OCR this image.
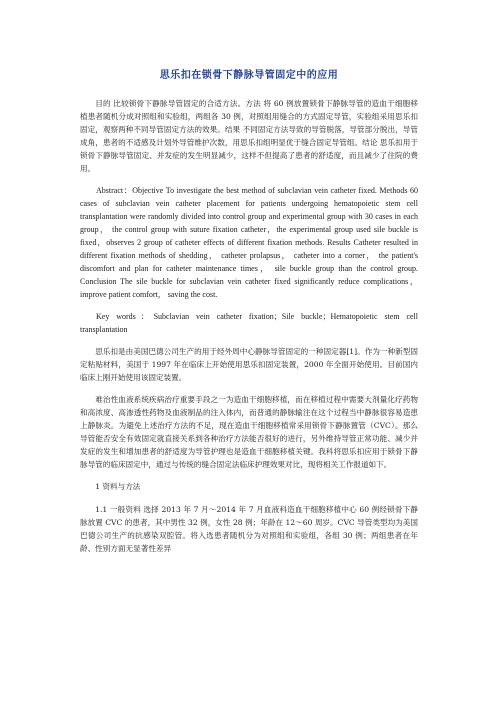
思乐扣在锁骨下静脉导管固定中的应用

目的 比较锁骨下静脉导管固定的合适方法。方法 将 60 例放置锁骨下静脉导管的造血干细胞移植患者随机分成对照组和实验组，两组各 30 例，对照组用缝合的方式固定导管，实验组采用思乐扣固定，观察两种不同导管固定方法的效果。结果 不同固定方法导致的导管脱落，导管部分脱出，导管成角，患者的不适感及计划外导管维护次数，用思乐扣组明显优于缝合固定导管组。结论 思乐扣用于锁骨下静脉导管固定、并发症的发生明显减少，这样不但提高了患者的舒适度，而且减少了住院的费用。

Abstract：Objective To investigate the best method of subclavian vein catheter fixed. Methods 60 cases of subclavian vein catheter placement for patients undergoing hematopoietic stem cell transplantation were randomly divided into control group and experimental group with 30 cases in each group， the control group with suture fixation catheter，the experimental group used sile buckle is fixed，observes 2 group of catheter effects of different fixation methods. Results Catheter resulted in different fixation methods of shedding， catheter prolapsus， catheter into a corner， the patient's discomfort and plan for catheter maintenance times， sile buckle group than the control group. Conclusion The sile buckle for subclavian vein catheter fixed significantly reduce complications， improve patient comfort， saving the cost.

Key words：Subclavian vein catheter fixation；Sile buckle；Hematopoietic stem cell transplantation

思乐扣是由美国巴德公司生产的用于经外周中心静脉导管固定的一种固定器[1]。作为一种新型固定粘贴材料，美国于 1997 年在临床上开始使用思乐扣固定装置，2000 年全面开始使用。目前国内临床上刚开始使用该固定装置。

难治性血液系统疾病治疗重要手段之一为造血干细胞移植，而在移植过程中需要大剂量化疗药物和高浓度、高渗透性药物及血液制品的注入体内，而普通的静脉输注在这个过程当中静脉很容易造患上静脉炎。为避免上述治疗方法的不足，现在造血干细胞移植常采用锁骨下静脉置管（CVC）。那么导管能否安全有效固定就直接关系到各种治疗方法能否很好的进行，另外维持导管正常功能、减少并发症的发生和增加患者的舒适度为导管护理也是造血干细胞移植关键。我科将思乐扣应用于锁骨下静脉导管的临床固定中，通过与传统的缝合固定法临床护理效果对比，现将相关工作报道如下。

1 资料与方法

1.1 一般资料 选择 2013 年 7 月～2014 年 7 月血液科造血干细胞移植中心 60 例经锁骨下静脉放置 CVC 的患者，其中男性 32 例，女性 28 例；年龄在 12～60 周岁。CVC 导管类型均为美国巴德公司生产的抗感染双腔管。将入选患者随机分为对照组和实验组，各组 30 例；两组患者在年龄、性别方面无显著性差异
